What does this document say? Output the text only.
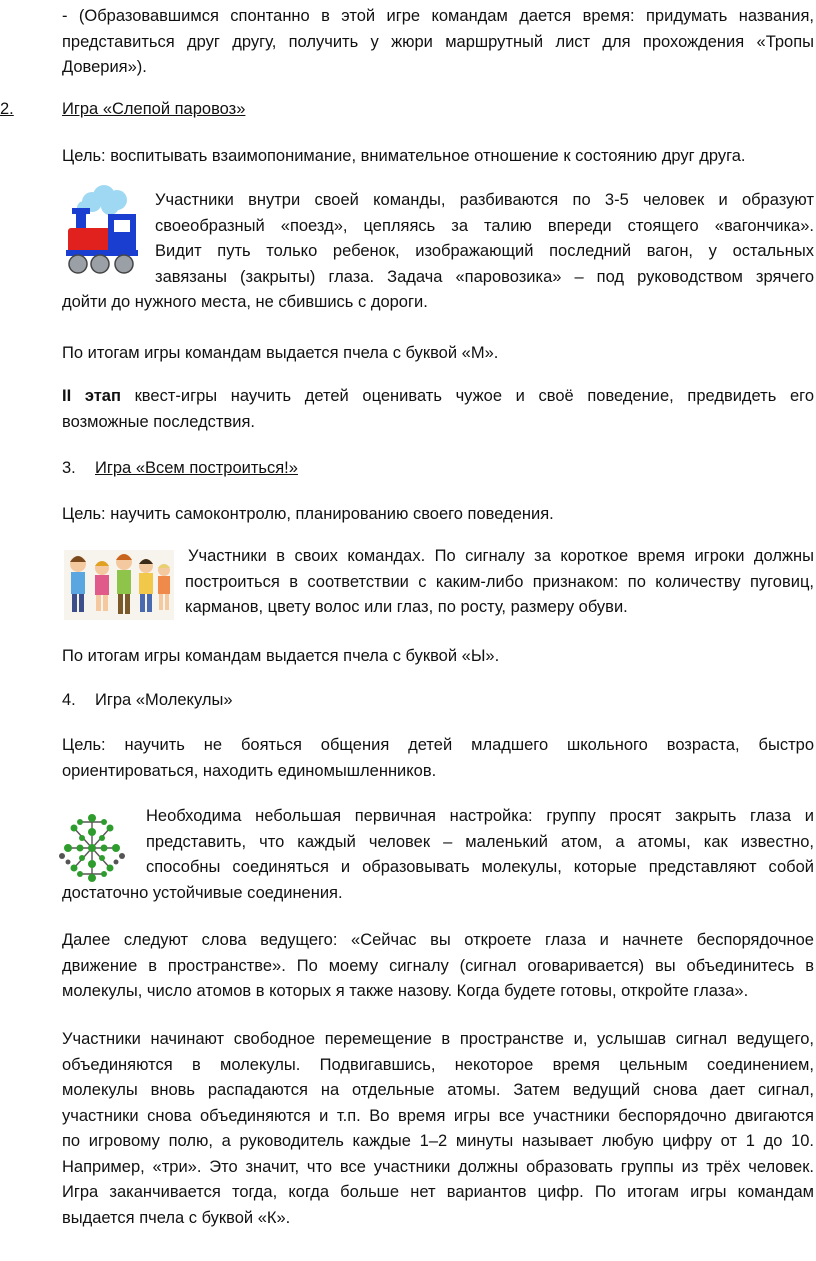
- (Образовавшимся спонтанно в этой игре командам дается время: придумать названия,

представиться друг другу, получить у жюри маршрутный лист для прохождения «Тропы

Доверия»).

2.	Игра «Слепой паровоз»

Цель: воспитывать взаимопонимание, внимательное отношение к состоянию друг друга.

Участники внутри своей команды, разбиваются по 3-5 человек и образуют

своеобразный «поезд», цепляясь за талию впереди стоящего «вагончика».

Видит путь только ребенок, изображающий последний вагон, у остальных

завязаны (закрыты) глаза. Задача «паровозика» – под руководством зрячего

дойти до нужного места, не сбившись с дороги.

По итогам игры командам выдается пчела с буквой «М».

II этап квест-игры научить детей оценивать чужое и своё поведение, предвидеть его

возможные последствия.

3. Игра «Всем построиться!»

Цель: научить самоконтролю, планированию своего поведения.

Участники в своих командах. По сигналу за короткое время игроки должны

построиться в соответствии с каким-либо признаком: по количеству пуговиц,

карманов, цвету волос или глаз, по росту, размеру обуви.

По итогам игры командам выдается пчела с буквой «Ы».

4. Игра «Молекулы»

Цель: научить не бояться общения детей младшего школьного возраста, быстро

ориентироваться, находить единомышленников.

Необходима небольшая первичная настройка: группу просят закрыть глаза и

представить, что каждый человек – маленький атом, а атомы, как известно,

способны соединяться и образовывать молекулы, которые представляют собой

достаточно устойчивые соединения.

Далее следуют слова ведущего: «Сейчас вы откроете глаза и начнете беспорядочное

движение в пространстве». По моему сигналу (сигнал оговаривается) вы объединитесь в

молекулы, число атомов в которых я также назову. Когда будете готовы, откройте глаза».

Участники начинают свободное перемещение в пространстве и, услышав сигнал ведущего,

объединяются в молекулы. Подвигавшись, некоторое время цельным соединением,

молекулы вновь распадаются на отдельные атомы. Затем ведущий снова дает сигнал,

участники снова объединяются и т.п. Во время игры все участники беспорядочно двигаются

по игровому полю, а руководитель каждые 1–2 минуты называет любую цифру от 1 до 10.

Например, «три». Это значит, что все участники должны образовать группы из трёх человек.

Игра заканчивается тогда, когда больше нет вариантов цифр. По итогам игры командам

выдается пчела с буквой «К».
